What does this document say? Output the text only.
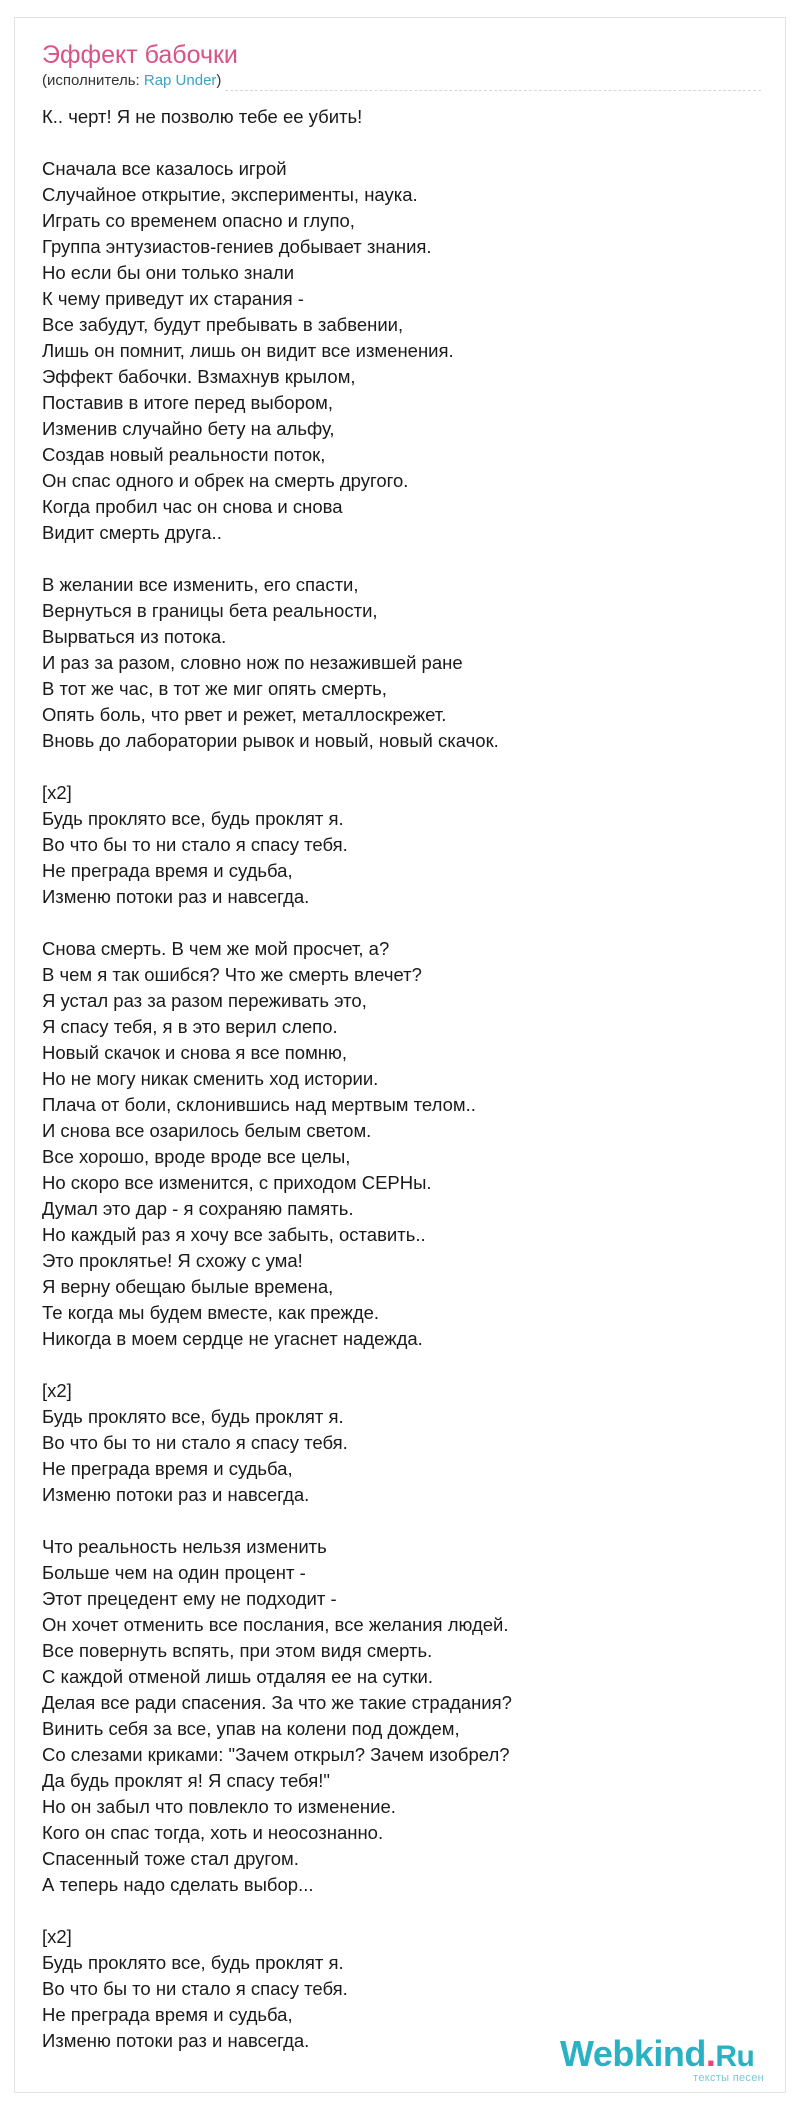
Эффект бабочки
(исполнитель: Rap Under)
К.. черт! Я не позволю тебе ее убить!
Сначала все казалось игрой
Случайное открытие, эксперименты, наука.
Играть со временем опасно и глупо,
Группа энтузиастов-гениев добывает знания.
Но если бы они только знали
К чему приведут их старания -
Все забудут, будут пребывать в забвении,
Лишь он помнит, лишь он видит все изменения.
Эффект бабочки. Взмахнув крылом,
Поставив в итоге перед выбором,
Изменив случайно бету на альфу,
Создав новый реальности поток,
Он спас одного и обрек на смерть другого.
Когда пробил час он снова и снова
Видит смерть друга..
В желании все изменить, его спасти,
Вернуться в границы бета реальности,
Вырваться из потока.
И раз за разом, словно нож по незажившей ране
В тот же час, в тот же миг опять смерть,
Опять боль, что рвет и режет, металлоскрежет.
Вновь до лаборатории рывок и новый, новый скачок.
[x2]
Будь проклято все, будь проклят я.
Во что бы то ни стало я спасу тебя.
Не преграда время и судьба,
Изменю потоки раз и навсегда.
Снова смерть. В чем же мой просчет, а?
В чем я так ошибся? Что же смерть влечет?
Я устал раз за разом переживать это,
Я спасу тебя, я в это верил слепо.
Новый скачок и снова я все помню,
Но не могу никак сменить ход истории.
Плача от боли, склонившись над мертвым телом..
И снова все озарилось белым светом.
Все хорошо, вроде вроде все целы,
Но скоро все изменится, с приходом СЕРНы.
Думал это дар - я сохраняю память.
Но каждый раз я хочу все забыть, оставить..
Это проклятье! Я схожу с ума!
Я верну обещаю былые времена,
Те когда мы будем вместе, как прежде.
Никогда в моем сердце не угаснет надежда.
[x2]
Будь проклято все, будь проклят я.
Во что бы то ни стало я спасу тебя.
Не преграда время и судьба,
Изменю потоки раз и навсегда.
Что реальность нельзя изменить
Больше чем на один процент -
Этот прецедент ему не подходит -
Он хочет отменить все послания, все желания людей.
Все повернуть вспять, при этом видя смерть.
С каждой отменой лишь отдаляя ее на сутки.
Делая все ради спасения. За что же такие страдания?
Винить себя за все, упав на колени под дождем,
Со слезами криками: "Зачем открыл? Зачем изобрел?
Да будь проклят я! Я спасу тебя!"
Но он забыл что повлекло то изменение.
Кого он спас тогда, хоть и неосознанно.
Спасенный тоже стал другом.
А теперь надо сделать выбор...
[x2]
Будь проклято все, будь проклят я.
Во что бы то ни стало я спасу тебя.
Не преграда время и судьба,
Изменю потоки раз и навсегда.	Webkind.Ru
тексты песен
